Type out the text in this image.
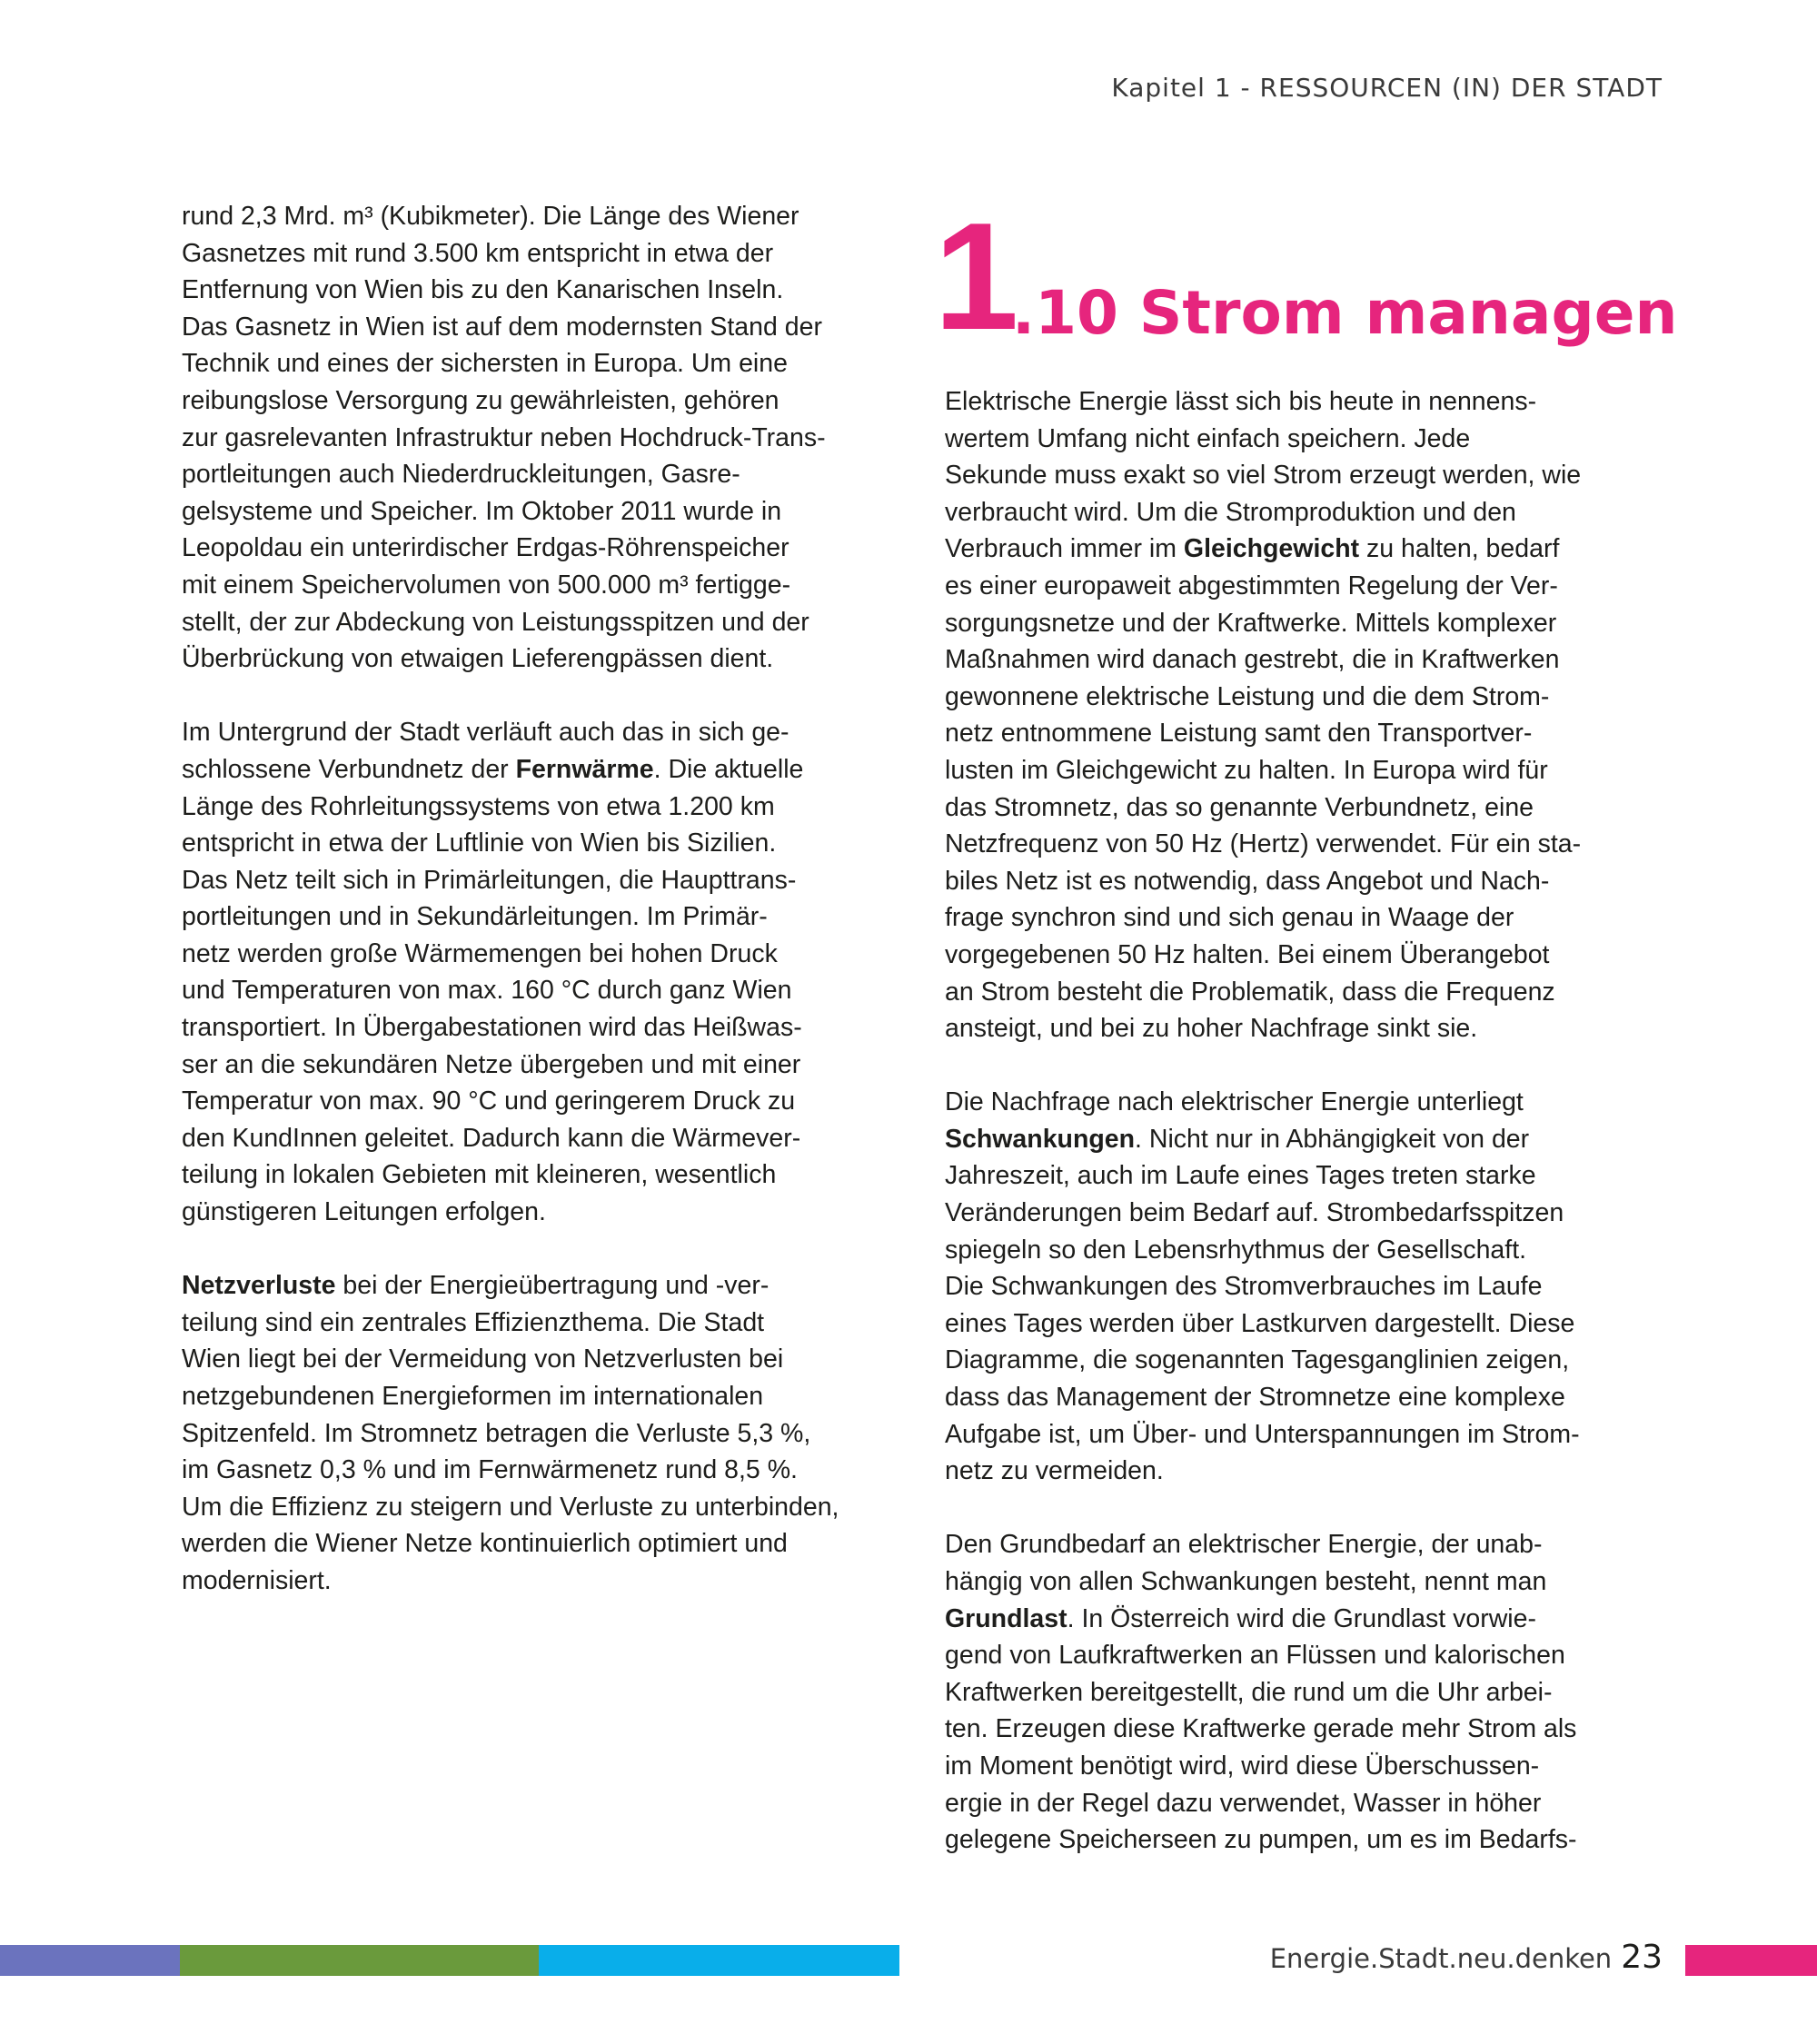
Kapitel 1 - RESSOURCEN (IN) DER STADT

rund 2,3 Mrd. m³ (Kubikmeter). Die Länge des Wiener
Gasnetzes mit rund 3.500 km entspricht in etwa der
Entfernung von Wien bis zu den Kanarischen Inseln.
Das Gasnetz in Wien ist auf dem modernsten Stand der
Technik und eines der sichersten in Europa. Um eine
reibungslose Versorgung zu gewährleisten, gehören
zur gasrelevanten Infrastruktur neben Hochdruck-Trans-
portleitungen auch Niederdruckleitungen, Gasre-
gelsysteme und Speicher. Im Oktober 2011 wurde in
Leopoldau ein unterirdischer Erdgas-Röhrenspeicher
mit einem Speichervolumen von 500.000 m³ fertigge-
stellt, der zur Abdeckung von Leistungsspitzen und der
Überbrückung von etwaigen Lieferengpässen dient.

Im Untergrund der Stadt verläuft auch das in sich ge-
schlossene Verbundnetz der Fernwärme. Die aktuelle
Länge des Rohrleitungssystems von etwa 1.200 km
entspricht in etwa der Luftlinie von Wien bis Sizilien.
Das Netz teilt sich in Primärleitungen, die Haupttrans-
portleitungen und in Sekundärleitungen. Im Primär-
netz werden große Wärmemengen bei hohen Druck
und Temperaturen von max. 160 °C durch ganz Wien
transportiert. In Übergabestationen wird das Heißwas-
ser an die sekundären Netze übergeben und mit einer
Temperatur von max. 90 °C und geringerem Druck zu
den KundInnen geleitet. Dadurch kann die Wärmever-
teilung in lokalen Gebieten mit kleineren, wesentlich
günstigeren Leitungen erfolgen.

Netzverluste bei der Energieübertragung und -ver-
teilung sind ein zentrales Effizienzthema. Die Stadt
Wien liegt bei der Vermeidung von Netzverlusten bei
netzgebundenen Energieformen im internationalen
Spitzenfeld. Im Stromnetz betragen die Verluste 5,3 %,
im Gasnetz 0,3 % und im Fernwärmenetz rund 8,5 %.
Um die Effizienz zu steigern und Verluste zu unterbinden,
werden die Wiener Netze kontinuierlich optimiert und
modernisiert.

1
.10 Strom managen

Elektrische Energie lässt sich bis heute in nennens-
wertem Umfang nicht einfach speichern. Jede
Sekunde muss exakt so viel Strom erzeugt werden, wie
verbraucht wird. Um die Stromproduktion und den
Verbrauch immer im Gleichgewicht zu halten, bedarf
es einer europaweit abgestimmten Regelung der Ver-
sorgungsnetze und der Kraftwerke. Mittels komplexer
Maßnahmen wird danach gestrebt, die in Kraftwerken
gewonnene elektrische Leistung und die dem Strom-
netz entnommene Leistung samt den Transportver-
lusten im Gleichgewicht zu halten. In Europa wird für
das Stromnetz, das so genannte Verbundnetz, eine
Netzfrequenz von 50 Hz (Hertz) verwendet. Für ein sta-
biles Netz ist es notwendig, dass Angebot und Nach-
frage synchron sind und sich genau in Waage der
vorgegebenen 50 Hz halten. Bei einem Überangebot
an Strom besteht die Problematik, dass die Frequenz
ansteigt, und bei zu hoher Nachfrage sinkt sie.

Die Nachfrage nach elektrischer Energie unterliegt
Schwankungen. Nicht nur in Abhängigkeit von der
Jahreszeit, auch im Laufe eines Tages treten starke
Veränderungen beim Bedarf auf. Strombedarfsspitzen
spiegeln so den Lebensrhythmus der Gesellschaft.
Die Schwankungen des Stromverbrauches im Laufe
eines Tages werden über Lastkurven dargestellt. Diese
Diagramme, die sogenannten Tagesganglinien zeigen,
dass das Management der Stromnetze eine komplexe
Aufgabe ist, um Über- und Unterspannungen im Strom-
netz zu vermeiden.

Den Grundbedarf an elektrischer Energie, der unab-
hängig von allen Schwankungen besteht, nennt man
Grundlast. In Österreich wird die Grundlast vorwie-
gend von Laufkraftwerken an Flüssen und kalorischen
Kraftwerken bereitgestellt, die rund um die Uhr arbei-
ten. Erzeugen diese Kraftwerke gerade mehr Strom als
im Moment benötigt wird, wird diese Überschussen-
ergie in der Regel dazu verwendet, Wasser in höher
gelegene Speicherseen zu pumpen, um es im Bedarfs-

Energie.Stadt.neu.denken 23
